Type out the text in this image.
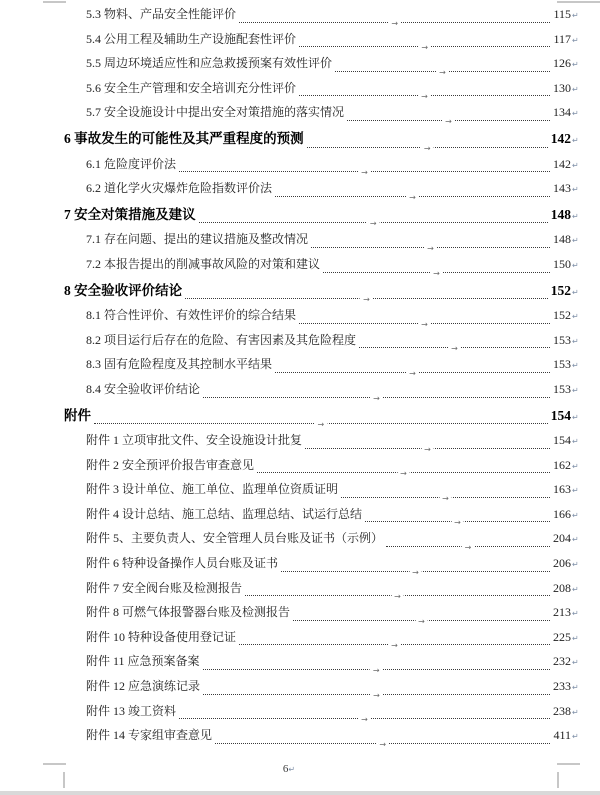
5.3 物料、产品安全性能评价
→
115 ↵
5.4 公用工程及辅助生产设施配套性评价
→
117 ↵
5.5 周边环境适应性和应急救援预案有效性评价
→
126 ↵
5.6 安全生产管理和安全培训充分性评价
→
130 ↵
5.7 安全设施设计中提出安全对策措施的落实情况
→
134 ↵
6 事故发生的可能性及其严重程度的预测
→
142 ↵
6.1 危险度评价法
→
142 ↵
6.2 道化学火灾爆炸危险指数评价法
→
143 ↵
7 安全对策措施及建议
→
148 ↵
7.1 存在问题、提出的建议措施及整改情况
→
148 ↵
7.2 本报告提出的削减事故风险的对策和建议
→
150 ↵
8 安全验收评价结论
→
152 ↵
8.1 符合性评价、有效性评价的综合结果
→
152 ↵
8.2 项目运行后存在的危险、有害因素及其危险程度
→
153 ↵
8.3 固有危险程度及其控制水平结果
→
153 ↵
8.4 安全验收评价结论
→
153 ↵
附件
→
154 ↵
附件 1 立项审批文件、安全设施设计批复
→
154 ↵
附件 2 安全预评价报告审查意见
→
162 ↵
附件 3 设计单位、施工单位、监理单位资质证明
→
163 ↵
附件 4 设计总结、施工总结、监理总结、试运行总结
→
166 ↵
附件 5、主要负责人、安全管理人员台账及证书（示例）
→
204 ↵
附件 6 特种设备操作人员台账及证书
→
206 ↵
附件 7 安全阀台账及检测报告
→
208 ↵
附件 8 可燃气体报警器台账及检测报告
→
213 ↵
附件 10 特种设备使用登记证
→
225 ↵
附件 11 应急预案备案
→
232 ↵
附件 12 应急演练记录
→
233 ↵
附件 13 竣工资料
→
238 ↵
附件 14 专家组审查意见
→
411 ↵
6↵
